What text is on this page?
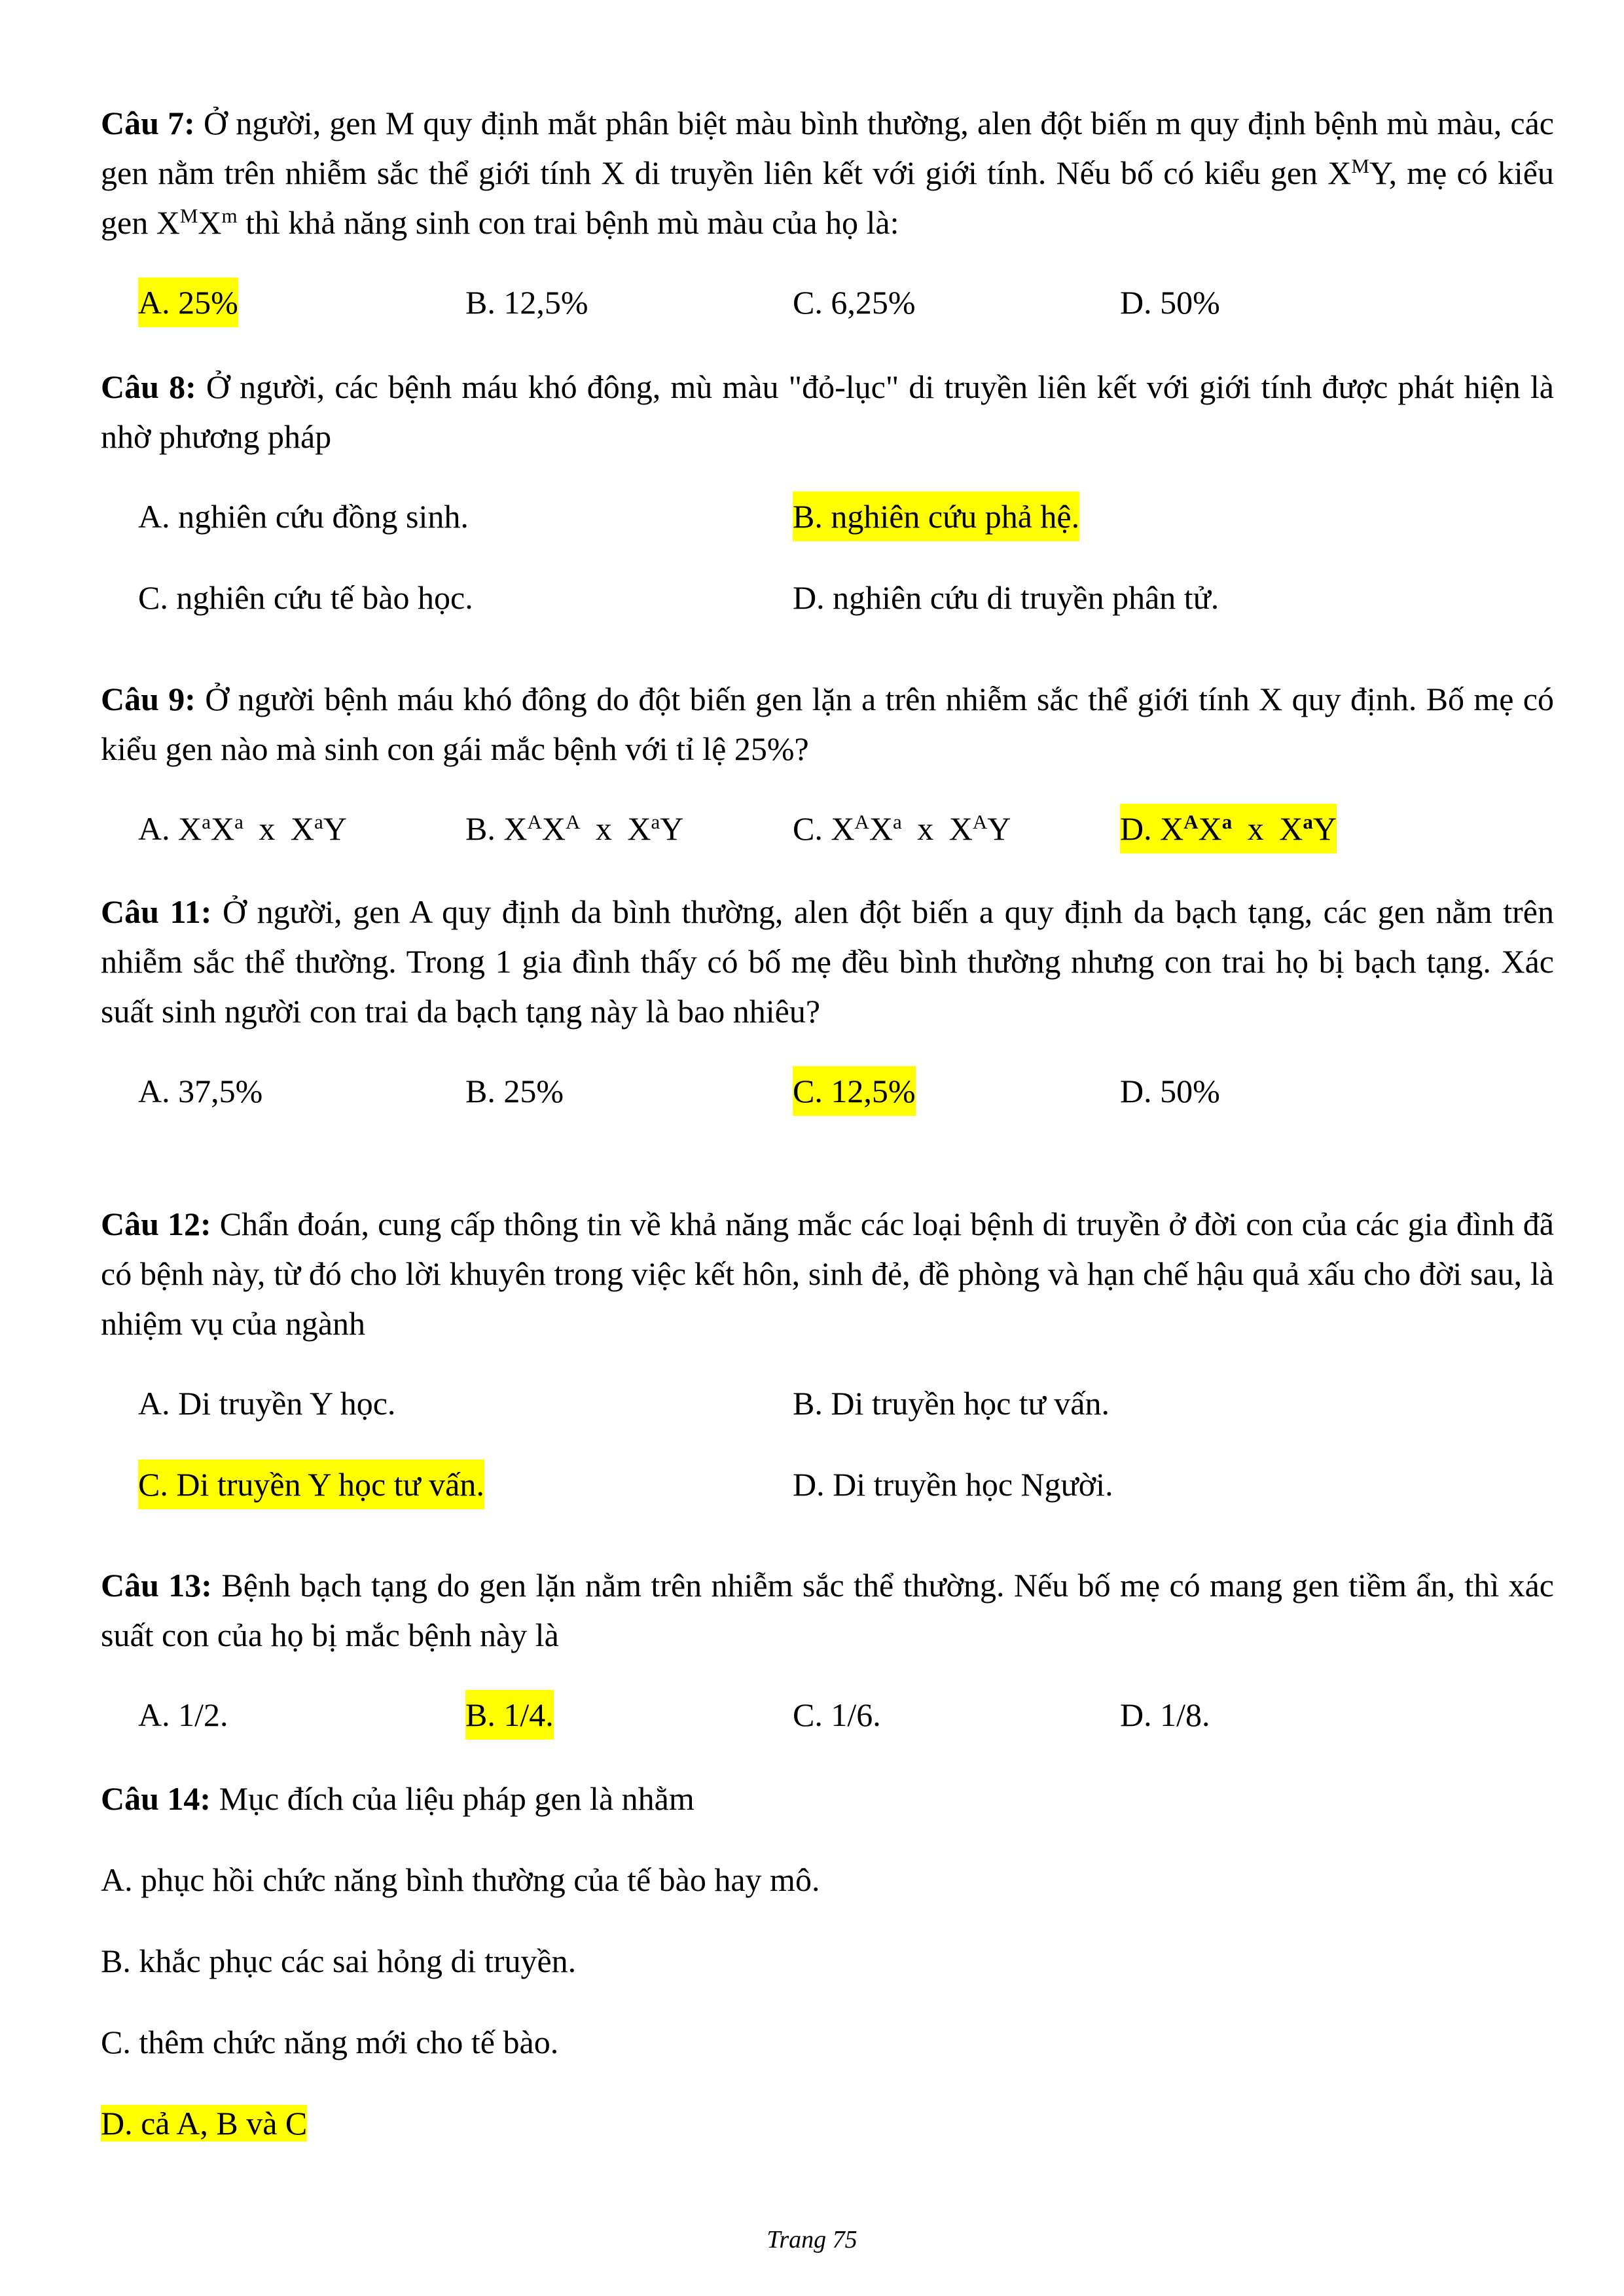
Câu 7: Ở người, gen M quy định mắt phân biệt màu bình thường, alen đột biến m quy định bệnh mù màu, các gen nằm trên nhiễm sắc thể giới tính X di truyền liên kết với giới tính. Nếu bố có kiểu gen $X^MY$, mẹ có kiểu gen $X^MX^m$ thì khả năng sinh con trai bệnh mù màu của họ là:

A. 25%	B. 12,5%	C. 6,25%	D. 50%

Câu 8: Ở người, các bệnh máu khó đông, mù màu "đỏ-lục" di truyền liên kết với giới tính được phát hiện là nhờ phương pháp

A. nghiên cứu đồng sinh.	B. nghiên cứu phả hệ.
C. nghiên cứu tế bào học.	D. nghiên cứu di truyền phân tử.

Câu 9: Ở người bệnh máu khó đông do đột biến gen lặn a trên nhiễm sắc thể giới tính X quy định. Bố mẹ có kiểu gen nào mà sinh con gái mắc bệnh với tỉ lệ 25%?

A. $X^aX^a$ x $X^aY$	B. $X^AX^A$ x $X^aY$	C. $X^AX^a$ x $X^AY$	D. $X^AX^a$ x $X^aY$

Câu 11: Ở người, gen A quy định da bình thường, alen đột biến a quy định da bạch tạng, các gen nằm trên nhiễm sắc thể thường. Trong 1 gia đình thấy có bố mẹ đều bình thường nhưng con trai họ bị bạch tạng. Xác suất sinh người con trai da bạch tạng này là bao nhiêu?

A. 37,5%	B. 25%	C. 12,5%	D. 50%

Câu 12: Chẩn đoán, cung cấp thông tin về khả năng mắc các loại bệnh di truyền ở đời con của các gia đình đã có bệnh này, từ đó cho lời khuyên trong việc kết hôn, sinh đẻ, đề phòng và hạn chế hậu quả xấu cho đời sau, là nhiệm vụ của ngành

A. Di truyền Y học.	B. Di truyền học tư vấn.
C. Di truyền Y học tư vấn.	D. Di truyền học Người.

Câu 13: Bệnh bạch tạng do gen lặn nằm trên nhiễm sắc thể thường. Nếu bố mẹ có mang gen tiềm ẩn, thì xác suất con của họ bị mắc bệnh này là

A. 1/2.	B. 1/4.	C. 1/6.	D. 1/8.

Câu 14: Mục đích của liệu pháp gen là nhằm

A. phục hồi chức năng bình thường của tế bào hay mô.

B. khắc phục các sai hỏng di truyền.

C. thêm chức năng mới cho tế bào.

D. cả A, B và C

Trang 75
